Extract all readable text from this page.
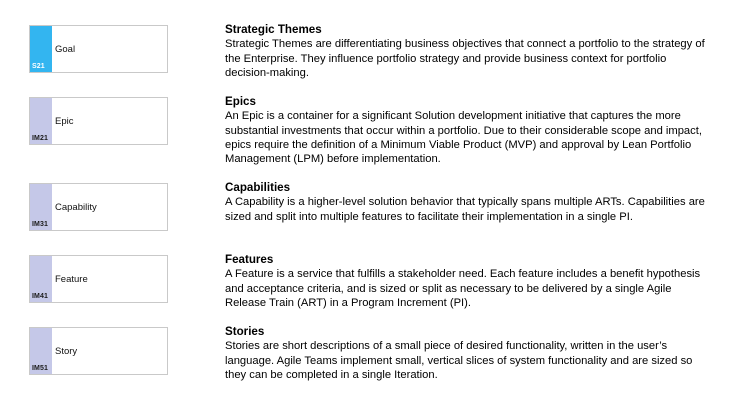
S21
Goal
Strategic Themes
Strategic Themes are differentiating business objectives that connect a portfolio to the strategy of the Enterprise. They influence portfolio strategy and provide business context for portfolio decision-making.
IM21
Epic
Epics
An Epic is a container for a significant Solution development initiative that captures the more substantial investments that occur within a portfolio. Due to their considerable scope and impact, epics require the definition of a Minimum Viable Product (MVP) and approval by Lean Portfolio Management (LPM) before implementation.
IM31
Capability
Capabilities
A Capability is a higher-level solution behavior that typically spans multiple ARTs. Capabilities are sized and split into multiple features to facilitate their implementation in a single PI.
IM41
Feature
Features
A Feature is a service that fulfills a stakeholder need. Each feature includes a benefit hypothesis and acceptance criteria, and is sized or split as necessary to be delivered by a single Agile Release Train (ART) in a Program Increment (PI).
IM51
Story
Stories
Stories are short descriptions of a small piece of desired functionality, written in the user’s language. Agile Teams implement small, vertical slices of system functionality and are sized so they can be completed in a single Iteration.
